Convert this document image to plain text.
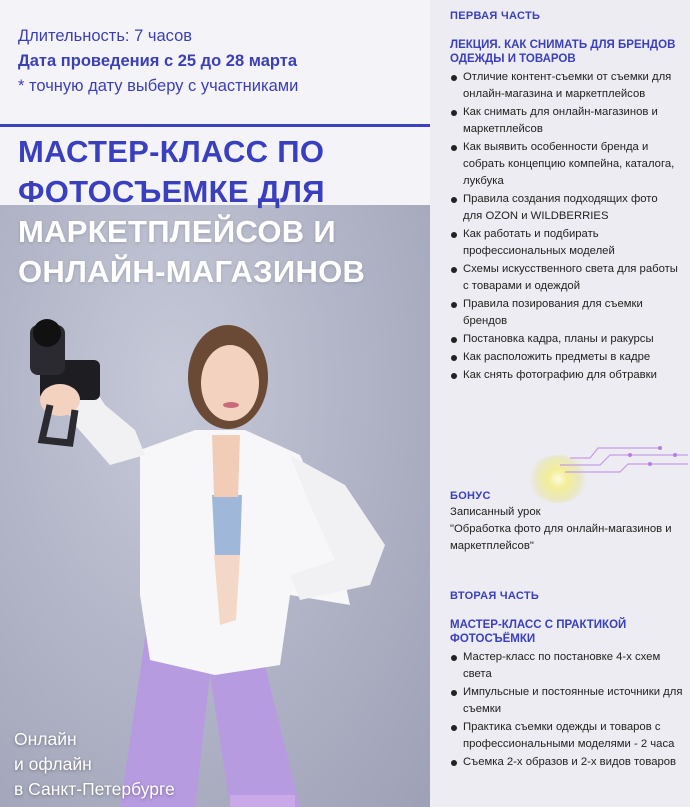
Длительность: 7 часов
Дата проведения с 25 до 28 марта
* точную дату выберу с участниками
МАСТЕР-КЛАСС ПО
ФОТОСЪЕМКЕ ДЛЯ
МАРКЕТПЛЕЙСОВ И
ОНЛАЙН-МАГАЗИНОВ
Онлайн
и офлайн
в Санкт-Петербурге
ПЕРВАЯ ЧАСТЬ
ЛЕКЦИЯ. КАК СНИМАТЬ ДЛЯ БРЕНДОВ ОДЕЖДЫ И ТОВАРОВ
Отличие контент-съемки от съемки для онлайн-магазина и маркетплейсов
Как снимать для онлайн-магазинов и маркетплейсов
Как выявить особенности бренда и собрать концепцию компейна, каталога, лукбука
Правила создания подходящих фото для OZON и WILDBERRIES
Как работать и подбирать профессиональных моделей
Схемы искусственного света для работы с товарами и одеждой
Правила позирования для съемки брендов
Постановка кадра, планы и ракурсы
Как расположить предметы в кадре
Как снять фотографию для обтравки
БОНУС
Записанный урок
"Обработка фото для онлайн-магазинов и маркетплейсов"
ВТОРАЯ ЧАСТЬ
МАСТЕР-КЛАСС С ПРАКТИКОЙ ФОТОСЪЁМКИ
Мастер-класс по постановке 4-х схем света
Импульсные и постоянные источники для съемки
Практика съемки одежды и товаров с профессиональными моделями - 2 часа
Съемка 2-х образов и 2-х видов товаров
